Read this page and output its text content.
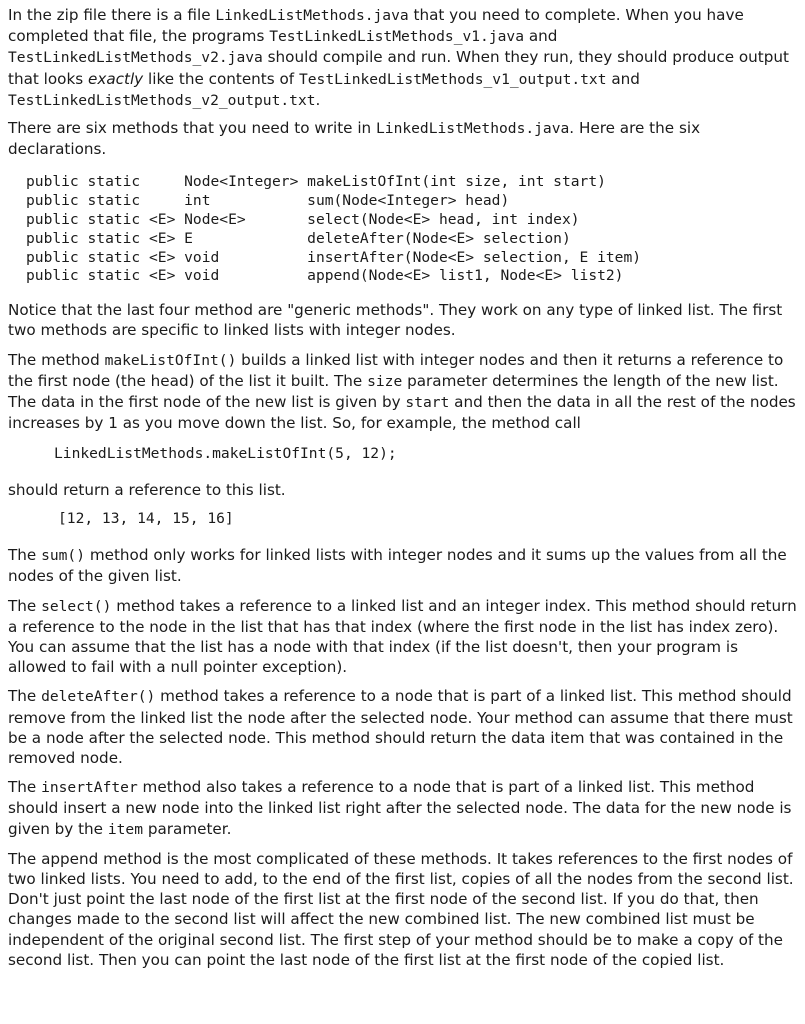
In the zip file there is a file LinkedListMethods.java that you need to complete. When you have completed that file, the programs TestLinkedListMethods_v1.java and TestLinkedListMethods_v2.java should compile and run. When they run, they should produce output that looks exactly like the contents of TestLinkedListMethods_v1_output.txt and TestLinkedListMethods_v2_output.txt.

There are six methods that you need to write in LinkedListMethods.java. Here are the six declarations.

public static     Node<Integer> makeListOfInt(int size, int start)
public static     int           sum(Node<Integer> head)
public static <E> Node<E>       select(Node<E> head, int index)
public static <E> E             deleteAfter(Node<E> selection)
public static <E> void          insertAfter(Node<E> selection, E item)
public static <E> void          append(Node<E> list1, Node<E> list2)

Notice that the last four method are "generic methods". They work on any type of linked list. The first two methods are specific to linked lists with integer nodes.

The method makeListOfInt() builds a linked list with integer nodes and then it returns a reference to the first node (the head) of the list it built. The size parameter determines the length of the new list. The data in the first node of the new list is given by start and then the data in all the rest of the nodes increases by 1 as you move down the list. So, for example, the method call

LinkedListMethods.makeListOfInt(5, 12);

should return a reference to this list.

[12, 13, 14, 15, 16]

The sum() method only works for linked lists with integer nodes and it sums up the values from all the nodes of the given list.

The select() method takes a reference to a linked list and an integer index. This method should return a reference to the node in the list that has that index (where the first node in the list has index zero). You can assume that the list has a node with that index (if the list doesn't, then your program is allowed to fail with a null pointer exception).

The deleteAfter() method takes a reference to a node that is part of a linked list. This method should remove from the linked list the node after the selected node. Your method can assume that there must be a node after the selected node. This method should return the data item that was contained in the removed node.

The insertAfter method also takes a reference to a node that is part of a linked list. This method should insert a new node into the linked list right after the selected node. The data for the new node is given by the item parameter.

The append method is the most complicated of these methods. It takes references to the first nodes of two linked lists. You need to add, to the end of the first list, copies of all the nodes from the second list. Don't just point the last node of the first list at the first node of the second list. If you do that, then changes made to the second list will affect the new combined list. The new combined list must be independent of the original second list. The first step of your method should be to make a copy of the second list. Then you can point the last node of the first list at the first node of the copied list.
